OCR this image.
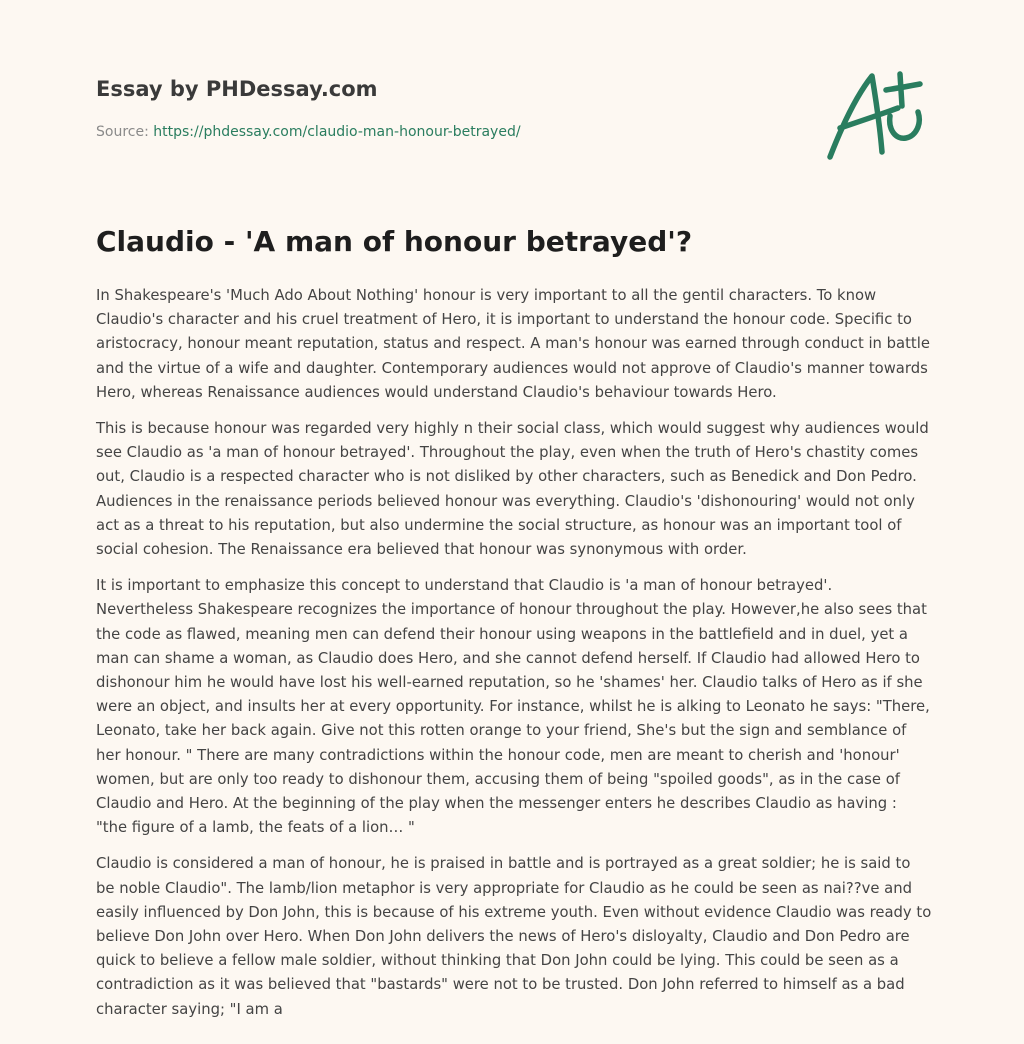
Essay by PHDessay.com
Source: https://phdessay.com/claudio-man-honour-betrayed/
Claudio - 'A man of honour betrayed'?

In Shakespeare's 'Much Ado About Nothing' honour is very important to all the gentil characters. To know Claudio's character and his cruel treatment of Hero, it is important to understand the honour code. Specific to aristocracy, honour meant reputation, status and respect. A man's honour was earned through conduct in battle and the virtue of a wife and daughter. Contemporary audiences would not approve of Claudio's manner towards Hero, whereas Renaissance audiences would understand Claudio's behaviour towards Hero.

This is because honour was regarded very highly n their social class, which would suggest why audiences would see Claudio as 'a man of honour betrayed'. Throughout the play, even when the truth of Hero's chastity comes out, Claudio is a respected character who is not disliked by other characters, such as Benedick and Don Pedro. Audiences in the renaissance periods believed honour was everything. Claudio's 'dishonouring' would not only act as a threat to his reputation, but also undermine the social structure, as honour was an important tool of social cohesion. The Renaissance era believed that honour was synonymous with order.

It is important to emphasize this concept to understand that Claudio is 'a man of honour betrayed'. Nevertheless Shakespeare recognizes the importance of honour throughout the play. However,he also sees that the code as flawed, meaning men can defend their honour using weapons in the battlefield and in duel, yet a man can shame a woman, as Claudio does Hero, and she cannot defend herself. If Claudio had allowed Hero to dishonour him he would have lost his well-earned reputation, so he 'shames' her. Claudio talks of Hero as if she were an object, and insults her at every opportunity. For instance, whilst he is alking to Leonato he says: "There, Leonato, take her back again. Give not this rotten orange to your friend, She's but the sign and semblance of her honour. " There are many contradictions within the honour code, men are meant to cherish and 'honour' women, but are only too ready to dishonour them, accusing them of being "spoiled goods", as in the case of Claudio and Hero. At the beginning of the play when the messenger enters he describes Claudio as having : "the figure of a lamb, the feats of a lion… "

Claudio is considered a man of honour, he is praised in battle and is portrayed as a great soldier; he is said to be noble Claudio". The lamb/lion metaphor is very appropriate for Claudio as he could be seen as nai??ve and easily influenced by Don John, this is because of his extreme youth. Even without evidence Claudio was ready to believe Don John over Hero. When Don John delivers the news of Hero's disloyalty, Claudio and Don Pedro are quick to believe a fellow male soldier, without thinking that Don John could be lying. This could be seen as a contradiction as it was believed that "bastards" were not to be trusted. Don John referred to himself as a bad character saying; "I am a
